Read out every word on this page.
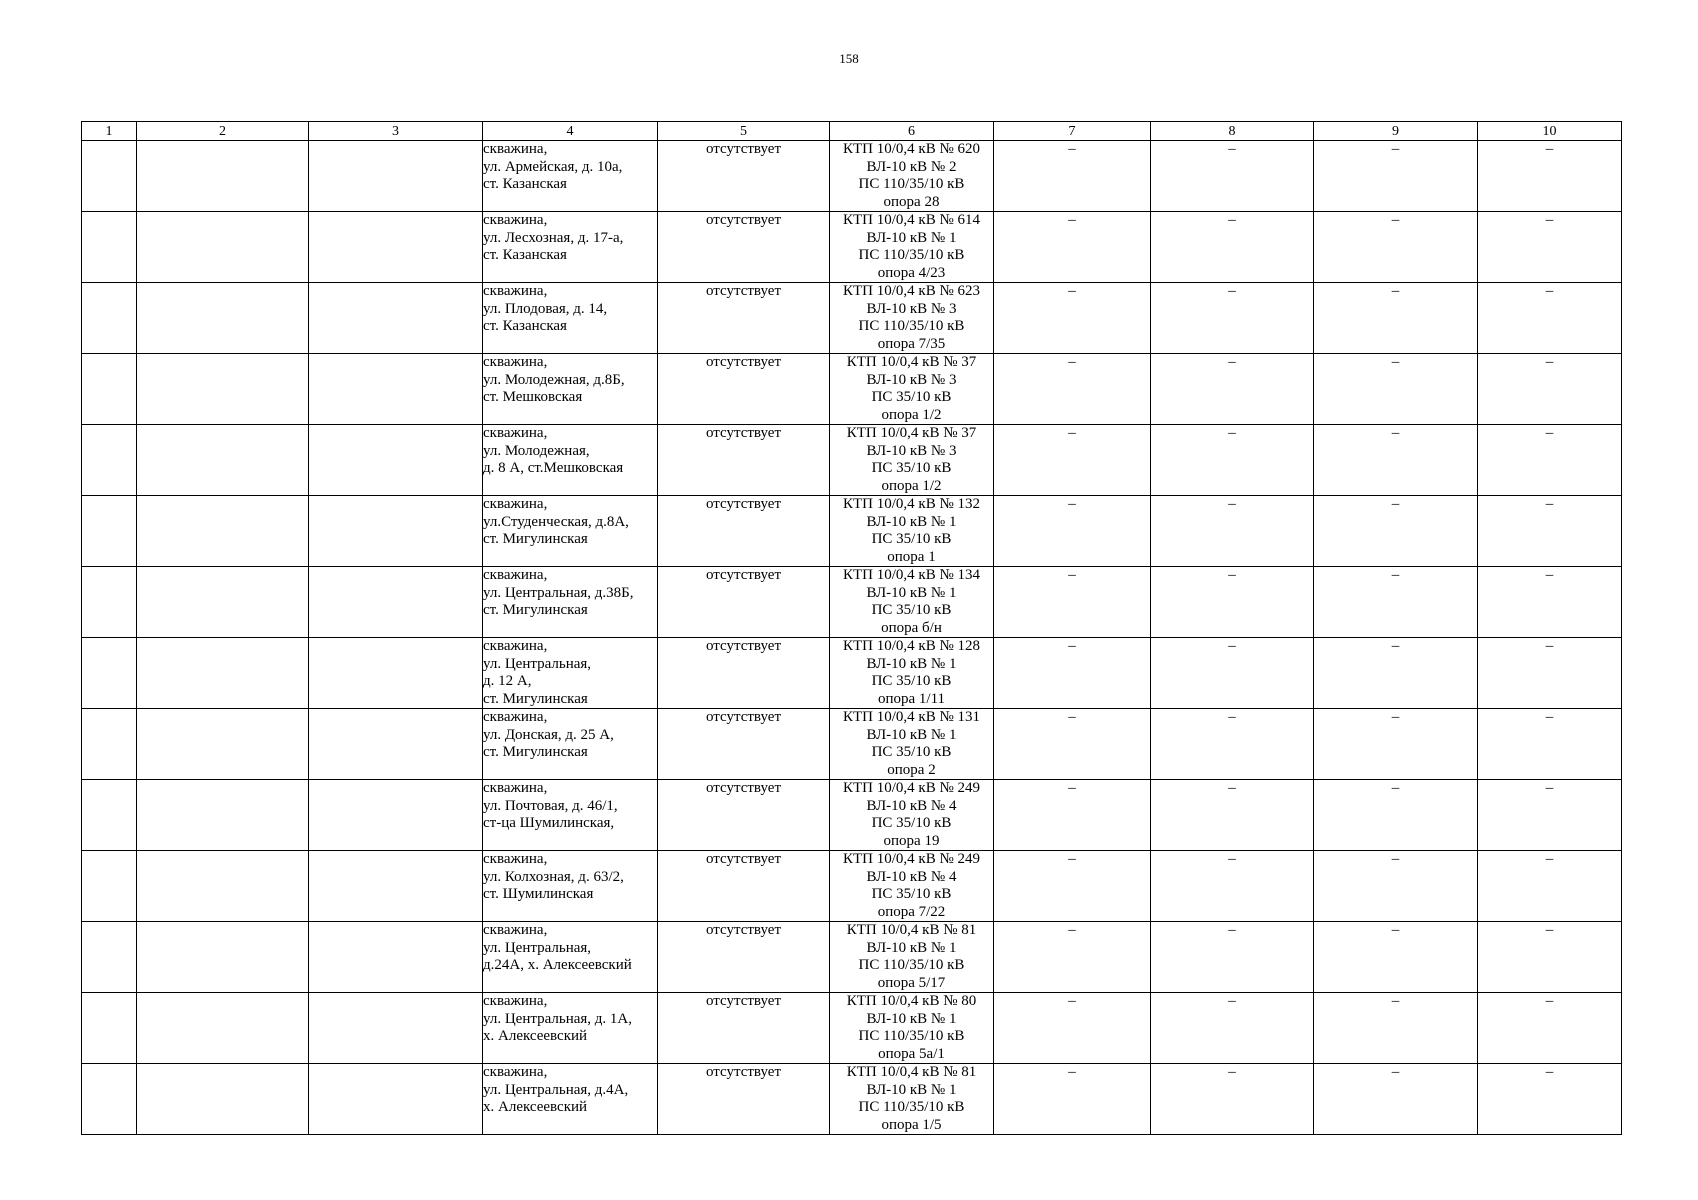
158
1	2	3	4	5	6	7	8	9	10
			скважина,
ул. Армейская, д. 10а,
ст. Казанская	отсутствует	КТП 10/0,4 кВ № 620
ВЛ-10 кВ № 2
ПС 110/35/10 кВ
опора 28	–	–	–	–
			скважина,
ул. Лесхозная, д. 17-а,
ст. Казанская	отсутствует	КТП 10/0,4 кВ № 614
ВЛ-10 кВ № 1
ПС 110/35/10 кВ
опора 4/23	–	–	–	–
			скважина,
ул. Плодовая, д. 14,
ст. Казанская	отсутствует	КТП 10/0,4 кВ № 623
ВЛ-10 кВ № 3
ПС 110/35/10 кВ
опора 7/35	–	–	–	–
			скважина,
ул. Молодежная, д.8Б,
ст. Мешковская	отсутствует	КТП 10/0,4 кВ № 37
ВЛ-10 кВ № 3
ПС 35/10 кВ
опора 1/2	–	–	–	–
			скважина,
ул. Молодежная,
д. 8 А, ст.Мешковская	отсутствует	КТП 10/0,4 кВ № 37
ВЛ-10 кВ № 3
ПС 35/10 кВ
опора 1/2	–	–	–	–
			скважина,
ул.Студенческая, д.8А,
ст. Мигулинская	отсутствует	КТП 10/0,4 кВ № 132
ВЛ-10 кВ № 1
ПС 35/10 кВ
опора 1	–	–	–	–
			скважина,
ул. Центральная, д.38Б,
ст. Мигулинская	отсутствует	КТП 10/0,4 кВ № 134
ВЛ-10 кВ № 1
ПС 35/10 кВ
опора б/н	–	–	–	–
			скважина,
ул. Центральная,
д. 12 А,
ст. Мигулинская	отсутствует	КТП 10/0,4 кВ № 128
ВЛ-10 кВ № 1
ПС 35/10 кВ
опора 1/11	–	–	–	–
			скважина,
ул. Донская, д. 25 А,
ст. Мигулинская	отсутствует	КТП 10/0,4 кВ № 131
ВЛ-10 кВ № 1
ПС 35/10 кВ
опора 2	–	–	–	–
			скважина,
ул. Почтовая, д. 46/1,
ст-ца Шумилинская,	отсутствует	КТП 10/0,4 кВ № 249
ВЛ-10 кВ № 4
ПС 35/10 кВ
опора 19	–	–	–	–
			скважина,
ул. Колхозная, д. 63/2,
ст. Шумилинская	отсутствует	КТП 10/0,4 кВ № 249
ВЛ-10 кВ № 4
ПС 35/10 кВ
опора 7/22	–	–	–	–
			скважина,
ул. Центральная,
д.24А, х. Алексеевский	отсутствует	КТП 10/0,4 кВ № 81
ВЛ-10 кВ № 1
ПС 110/35/10 кВ
опора 5/17	–	–	–	–
			скважина,
ул. Центральная, д. 1А,
х. Алексеевский	отсутствует	КТП 10/0,4 кВ № 80
ВЛ-10 кВ № 1
ПС 110/35/10 кВ
опора 5а/1	–	–	–	–
			скважина,
ул. Центральная, д.4А,
х. Алексеевский	отсутствует	КТП 10/0,4 кВ № 81
ВЛ-10 кВ № 1
ПС 110/35/10 кВ
опора 1/5	–	–	–	–
